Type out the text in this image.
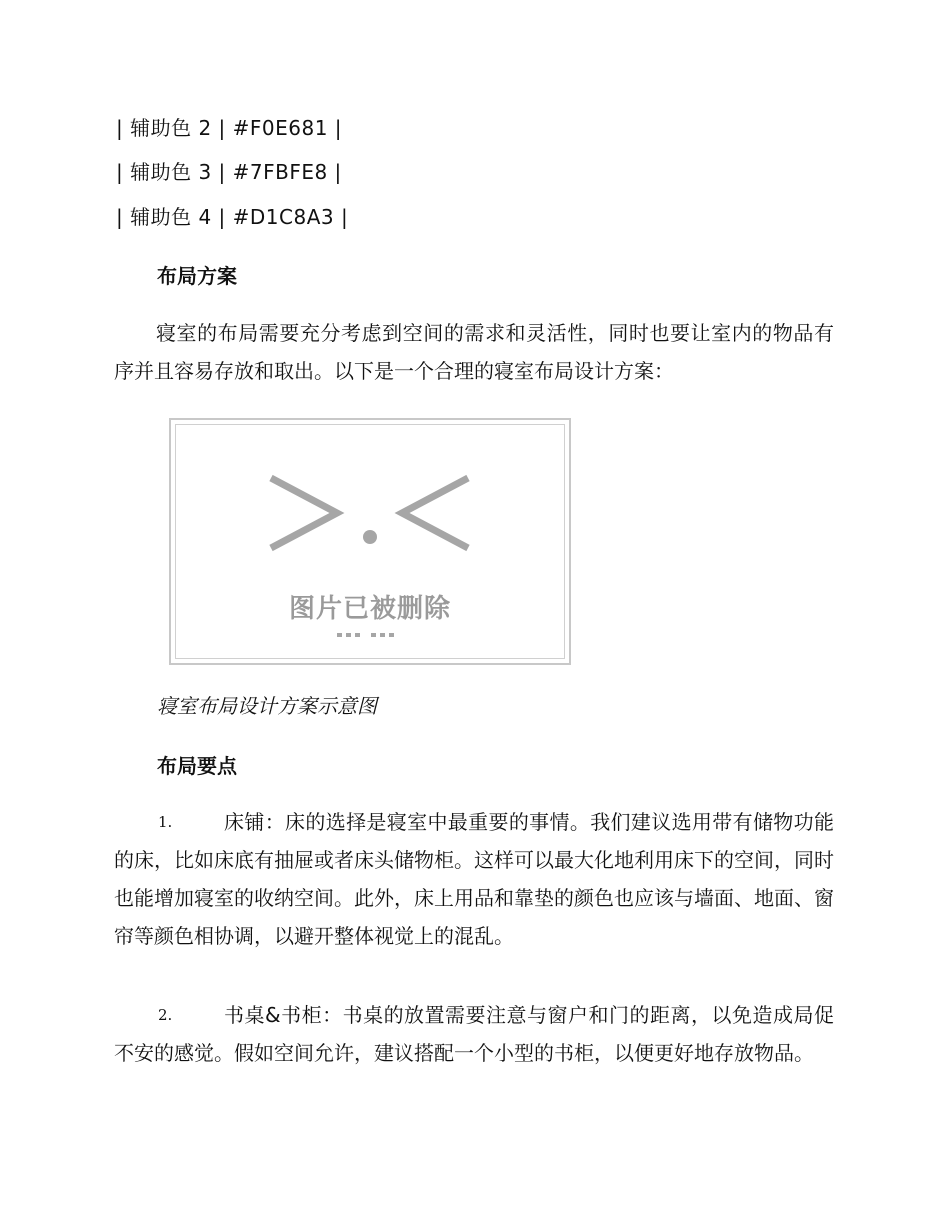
| 辅助色 2 | #F0E681 |
| 辅助色 3 | #7FBFE8 |
| 辅助色 4 | #D1C8A3 |
布局方案
寝室的布局需要充分考虑到空间的需求和灵活性，同时也要让室内的物品有序并且容易存放和取出。以下是一个合理的寝室布局设计方案：
图片已被删除
寝室布局设计方案示意图
布局要点
1.	床铺：床的选择是寝室中最重要的事情。我们建议选用带有储物功能的床，比如床底有抽屉或者床头储物柜。这样可以最大化地利用床下的空间，同时也能增加寝室的收纳空间。此外，床上用品和靠垫的颜色也应该与墙面、地面、窗帘等颜色相协调，以避开整体视觉上的混乱。
2.	书桌&书柜：书桌的放置需要注意与窗户和门的距离，以免造成局促不安的感觉。假如空间允许，建议搭配一个小型的书柜，以便更好地存放物品。
